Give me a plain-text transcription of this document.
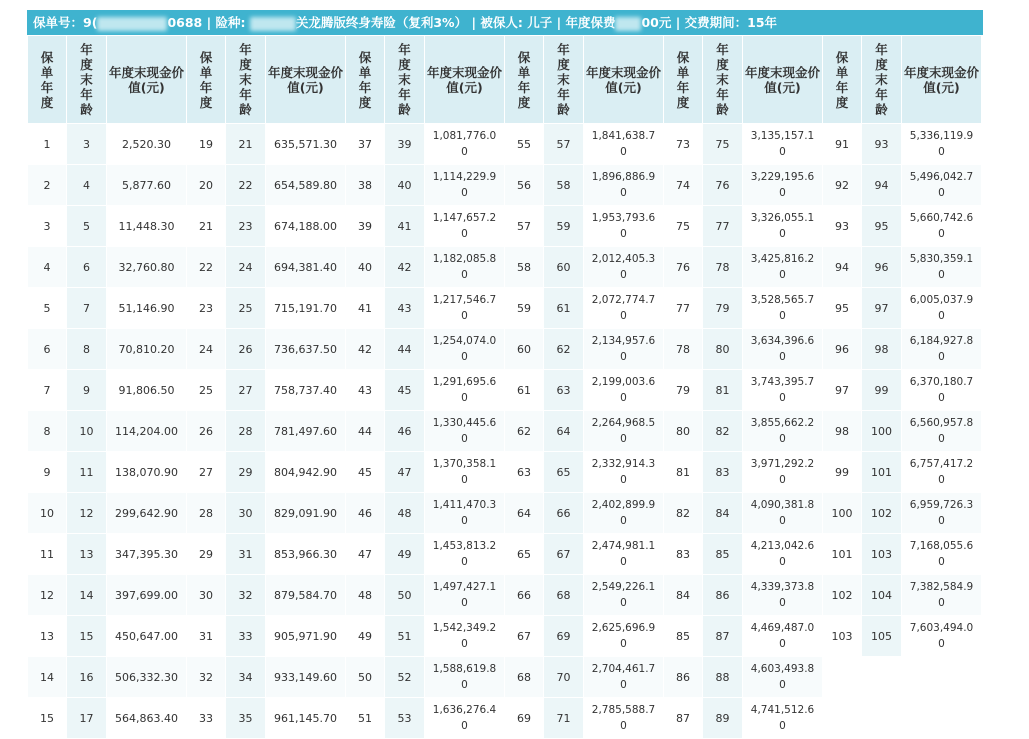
保单号：9(	0688 | 险种:	关龙腾版终身寿险（复利3%） | 被保人: 儿子 | 年度保费 00元 | 交费期间：15年
保单年度	年度末年龄	年度末现金价值(元)	保单年度	年度末年龄	年度末现金价值(元)	保单年度	年度末年龄	年度末现金价值(元)	保单年度	年度末年龄	年度末现金价值(元)	保单年度	年度末年龄	年度末现金价值(元)	保单年度	年度末年龄	年度末现金价值(元)
1	3	2,520.30	19	21	635,571.30	37	39	1,081,776.00	55	57	1,841,638.70	73	75	3,135,157.10	91	93	5,336,119.90
2	4	5,877.60	20	22	654,589.80	38	40	1,114,229.90	56	58	1,896,886.90	74	76	3,229,195.60	92	94	5,496,042.70
3	5	11,448.30	21	23	674,188.00	39	41	1,147,657.20	57	59	1,953,793.60	75	77	3,326,055.10	93	95	5,660,742.60
4	6	32,760.80	22	24	694,381.40	40	42	1,182,085.80	58	60	2,012,405.30	76	78	3,425,816.20	94	96	5,830,359.10
5	7	51,146.90	23	25	715,191.70	41	43	1,217,546.70	59	61	2,072,774.70	77	79	3,528,565.70	95	97	6,005,037.90
6	8	70,810.20	24	26	736,637.50	42	44	1,254,074.00	60	62	2,134,957.60	78	80	3,634,396.60	96	98	6,184,927.80
7	9	91,806.50	25	27	758,737.40	43	45	1,291,695.60	61	63	2,199,003.60	79	81	3,743,395.70	97	99	6,370,180.70
8	10	114,204.00	26	28	781,497.60	44	46	1,330,445.60	62	64	2,264,968.50	80	82	3,855,662.20	98	100	6,560,957.80
9	11	138,070.90	27	29	804,942.90	45	47	1,370,358.10	63	65	2,332,914.30	81	83	3,971,292.20	99	101	6,757,417.20
10	12	299,642.90	28	30	829,091.90	46	48	1,411,470.30	64	66	2,402,899.90	82	84	4,090,381.80	100	102	6,959,726.30
11	13	347,395.30	29	31	853,966.30	47	49	1,453,813.20	65	67	2,474,981.10	83	85	4,213,042.60	101	103	7,168,055.60
12	14	397,699.00	30	32	879,584.70	48	50	1,497,427.10	66	68	2,549,226.10	84	86	4,339,373.80	102	104	7,382,584.90
13	15	450,647.00	31	33	905,971.90	49	51	1,542,349.20	67	69	2,625,696.90	85	87	4,469,487.00	103	105	7,603,494.00
14	16	506,332.30	32	34	933,149.60	50	52	1,588,619.80	68	70	2,704,461.70	86	88	4,603,493.80			
15	17	564,863.40	33	35	961,145.70	51	53	1,636,276.40	69	71	2,785,588.70	87	89	4,741,512.60			
